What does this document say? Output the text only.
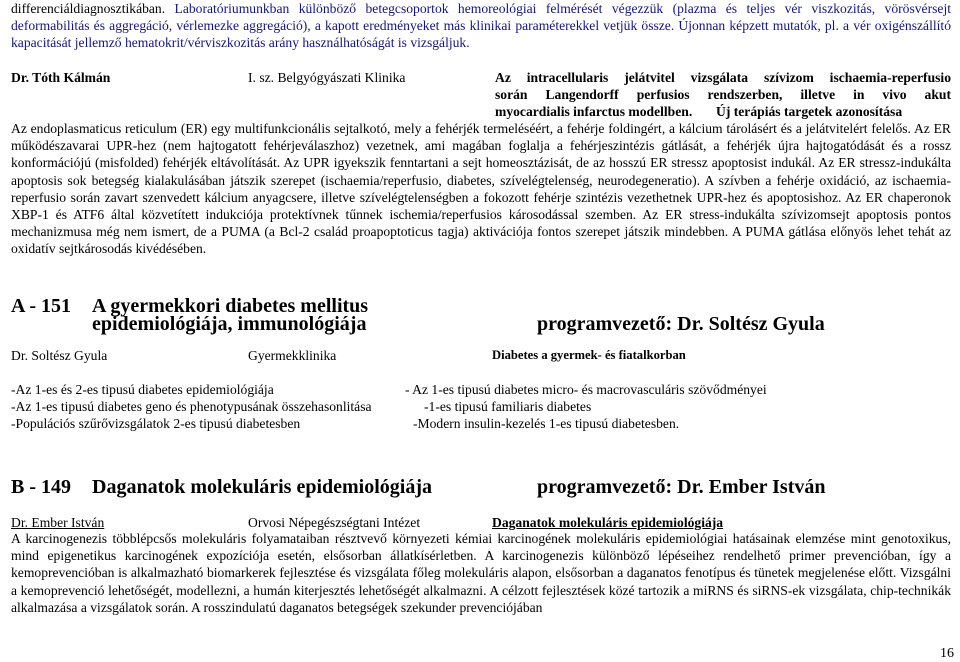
differenciáldiagnosztikában. Laboratóriumunkban különböző betegcsoportok hemoreológiai felmérését végezzük (plazma és teljes vér viszkozitás, vörösvérsejt deformabilitás és aggregáció, vérlemezke aggregáció), a kapott eredményeket más klinikai paraméterekkel vetjük össze. Újonnan képzett mutatók, pl. a vér oxigénszállító kapacitását jellemző hematokrit/vérviszkozitás arány használhatóságát is vizsgáljuk.

Dr. Tóth Kálmán	I. sz. Belgyógyászati Klinika	Az intracellularis jelátvitel vizsgálata szívizom ischaemia-reperfusio
során Langendorff perfusios rendszerben, illetve in vivo akut
myocardialis infarctus modellben. Új terápiás targetek azonosítása

Az endoplasmaticus reticulum (ER) egy multifunkcionális sejtalkotó, mely a fehérjék termeléséért, a fehérje foldingért, a kálcium tárolásért és a jelátvitelért felelős. Az ER működészavarai UPR-hez (nem hajtogatott fehérjeválaszhoz) vezetnek, ami magában foglalja a fehérjeszintézis gátlását, a fehérjék újra hajtogatódását és a rossz konformációjú (misfolded) fehérjék eltávolítását. Az UPR igyekszik fenntartani a sejt homeosztázisát, de az hosszú ER stressz apoptosist indukál. Az ER stressz-indukálta apoptosis sok betegség kialakulásában játszik szerepet (ischaemia/reperfusio, diabetes, szívelégtelenség, neurodegeneratio). A szívben a fehérje oxidáció, az ischaemia-reperfusio során zavart szenvedett kálcium anyagcsere, illetve szívelégtelenségben a fokozott fehérje szintézis vezethetnek UPR-hez és apoptosishoz. Az ER chaperonok XBP-1 és ATF6 által közvetített indukciója protektívnek tűnnek ischemia/reperfusios károsodással szemben. Az ER stress-indukálta szívizomsejt apoptosis pontos mechanizmusa még nem ismert, de a PUMA (a Bcl-2 család proapoptoticus tagja) aktivációja fontos szerepet játszik mindebben. A PUMA gátlása előnyös lehet tehát az oxidatív sejtkárosodás kivédésében.

A - 151 A gyermekkori diabetes mellitus
epidemiológiája, immunológiája	programvezető: Dr. Soltész Gyula
Dr. Soltész Gyula	Gyermekklinika	Diabetes a gyermek- és fiatalkorban
-Az 1-es és 2-es tipusú diabetes epidemiológiája
-Az 1-es tipusú diabetes geno és phenotypusának összehasonlitása
-Populációs szűrővizsgálatok 2-es tipusú diabetesben
- Az 1-es tipusú diabetes micro- és macrovasculáris szövődményei
-1-es tipusú familiaris diabetes
-Modern insulin-kezelés 1-es tipusú diabetesben.
B - 149 Daganatok molekuláris epidemiológiája	programvezető: Dr. Ember István
Dr. Ember István	Orvosi Népegészségtani Intézet	Daganatok molekuláris epidemiológiája

A karcinogenezis többlépcsős molekuláris folyamataiban résztvevő környezeti kémiai karcinogének molekuláris epidemiológiai hatásainak elemzése mint genotoxikus, mind epigenetikus karcinogének expozíciója esetén, elsősorban állatkísérletben. A karcinogenezis különböző lépéseihez rendelhető primer prevencióban, így a kemoprevencióban is alkalmazható biomarkerek fejlesztése és vizsgálata főleg molekuláris alapon, elsősorban a daganatos fenotípus és tünetek megjelenése előtt. Vizsgálni a kemoprevenció lehetőségét, modellezni, a humán kiterjesztés lehetőségét alkalmazni. A célzott fejlesztések közé tartozik a miRNS és siRNS-ek vizsgálata, chip-technikák alkalmazása a vizsgálatok során. A rosszindulatú daganatos betegségek szekunder prevenciójában

16
